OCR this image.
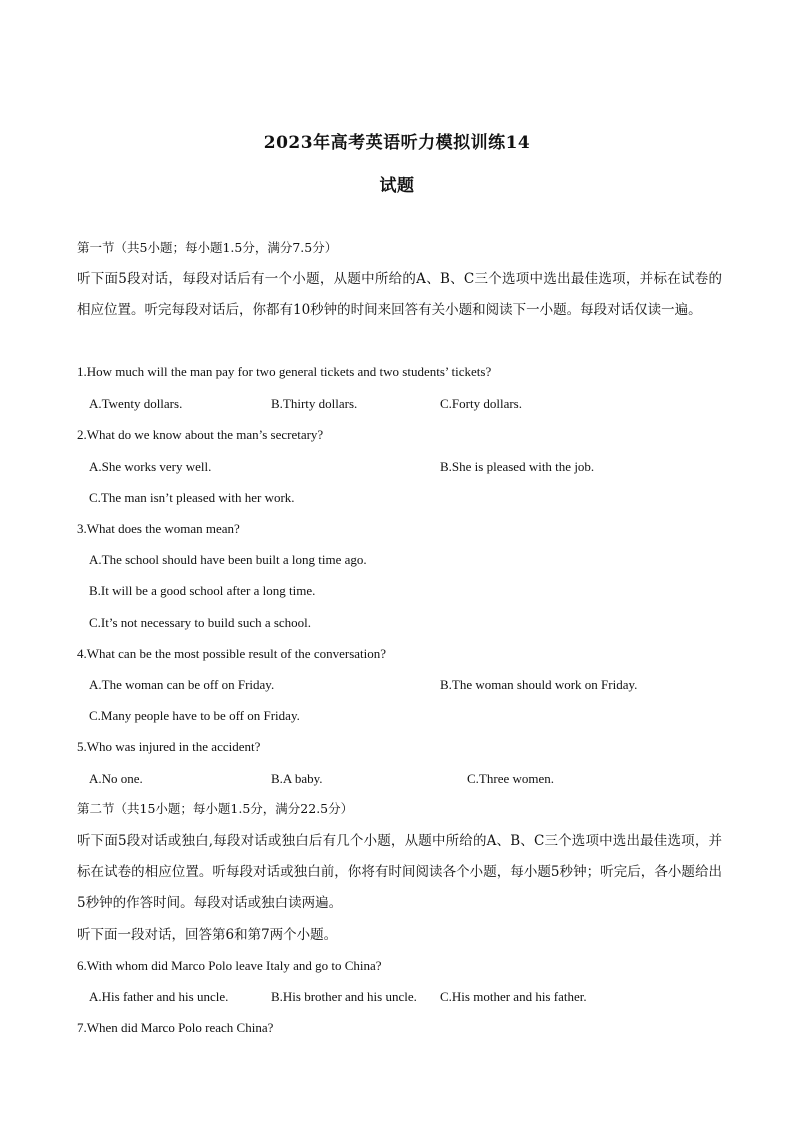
2023年高考英语听力模拟训练14
试题
第一节（共5小题；每小题1.5分，满分7.5分）
听下面5段对话，每段对话后有一个小题，从题中所给的A、B、C三个选项中选出最佳选项，并标在试卷的相应位置。听完每段对话后，你都有10秒钟的时间来回答有关小题和阅读下一小题。每段对话仅读一遍。
1.How much will the man pay for two general tickets and two students’ tickets?
A.Twenty dollars.	B.Thirty dollars.	C.Forty dollars.
2.What do we know about the man’s secretary?
A.She works very well.	B.She is pleased with the job.
C.The man isn’t pleased with her work.
3.What does the woman mean?
A.The school should have been built a long time ago.
B.It will be a good school after a long time.
C.It’s not necessary to build such a school.
4.What can be the most possible result of the conversation?
A.The woman can be off on Friday.	B.The woman should work on Friday.
C.Many people have to be off on Friday.
5.Who was injured in the accident?
A.No one.	B.A baby.	C.Three women.
第二节（共15小题；每小题1.5分，满分22.5分）
听下面5段对话或独白,每段对话或独白后有几个小题，从题中所给的A、B、C三个选项中选出最佳选项，并标在试卷的相应位置。听每段对话或独白前，你将有时间阅读各个小题，每小题5秒钟；听完后，各小题给出5秒钟的作答时间。每段对话或独白读两遍。
听下面一段对话，回答第6和第7两个小题。
6.With whom did Marco Polo leave Italy and go to China?
A.His father and his uncle.	B.His brother and his uncle. C.His mother and his father.
7.When did Marco Polo reach China?
